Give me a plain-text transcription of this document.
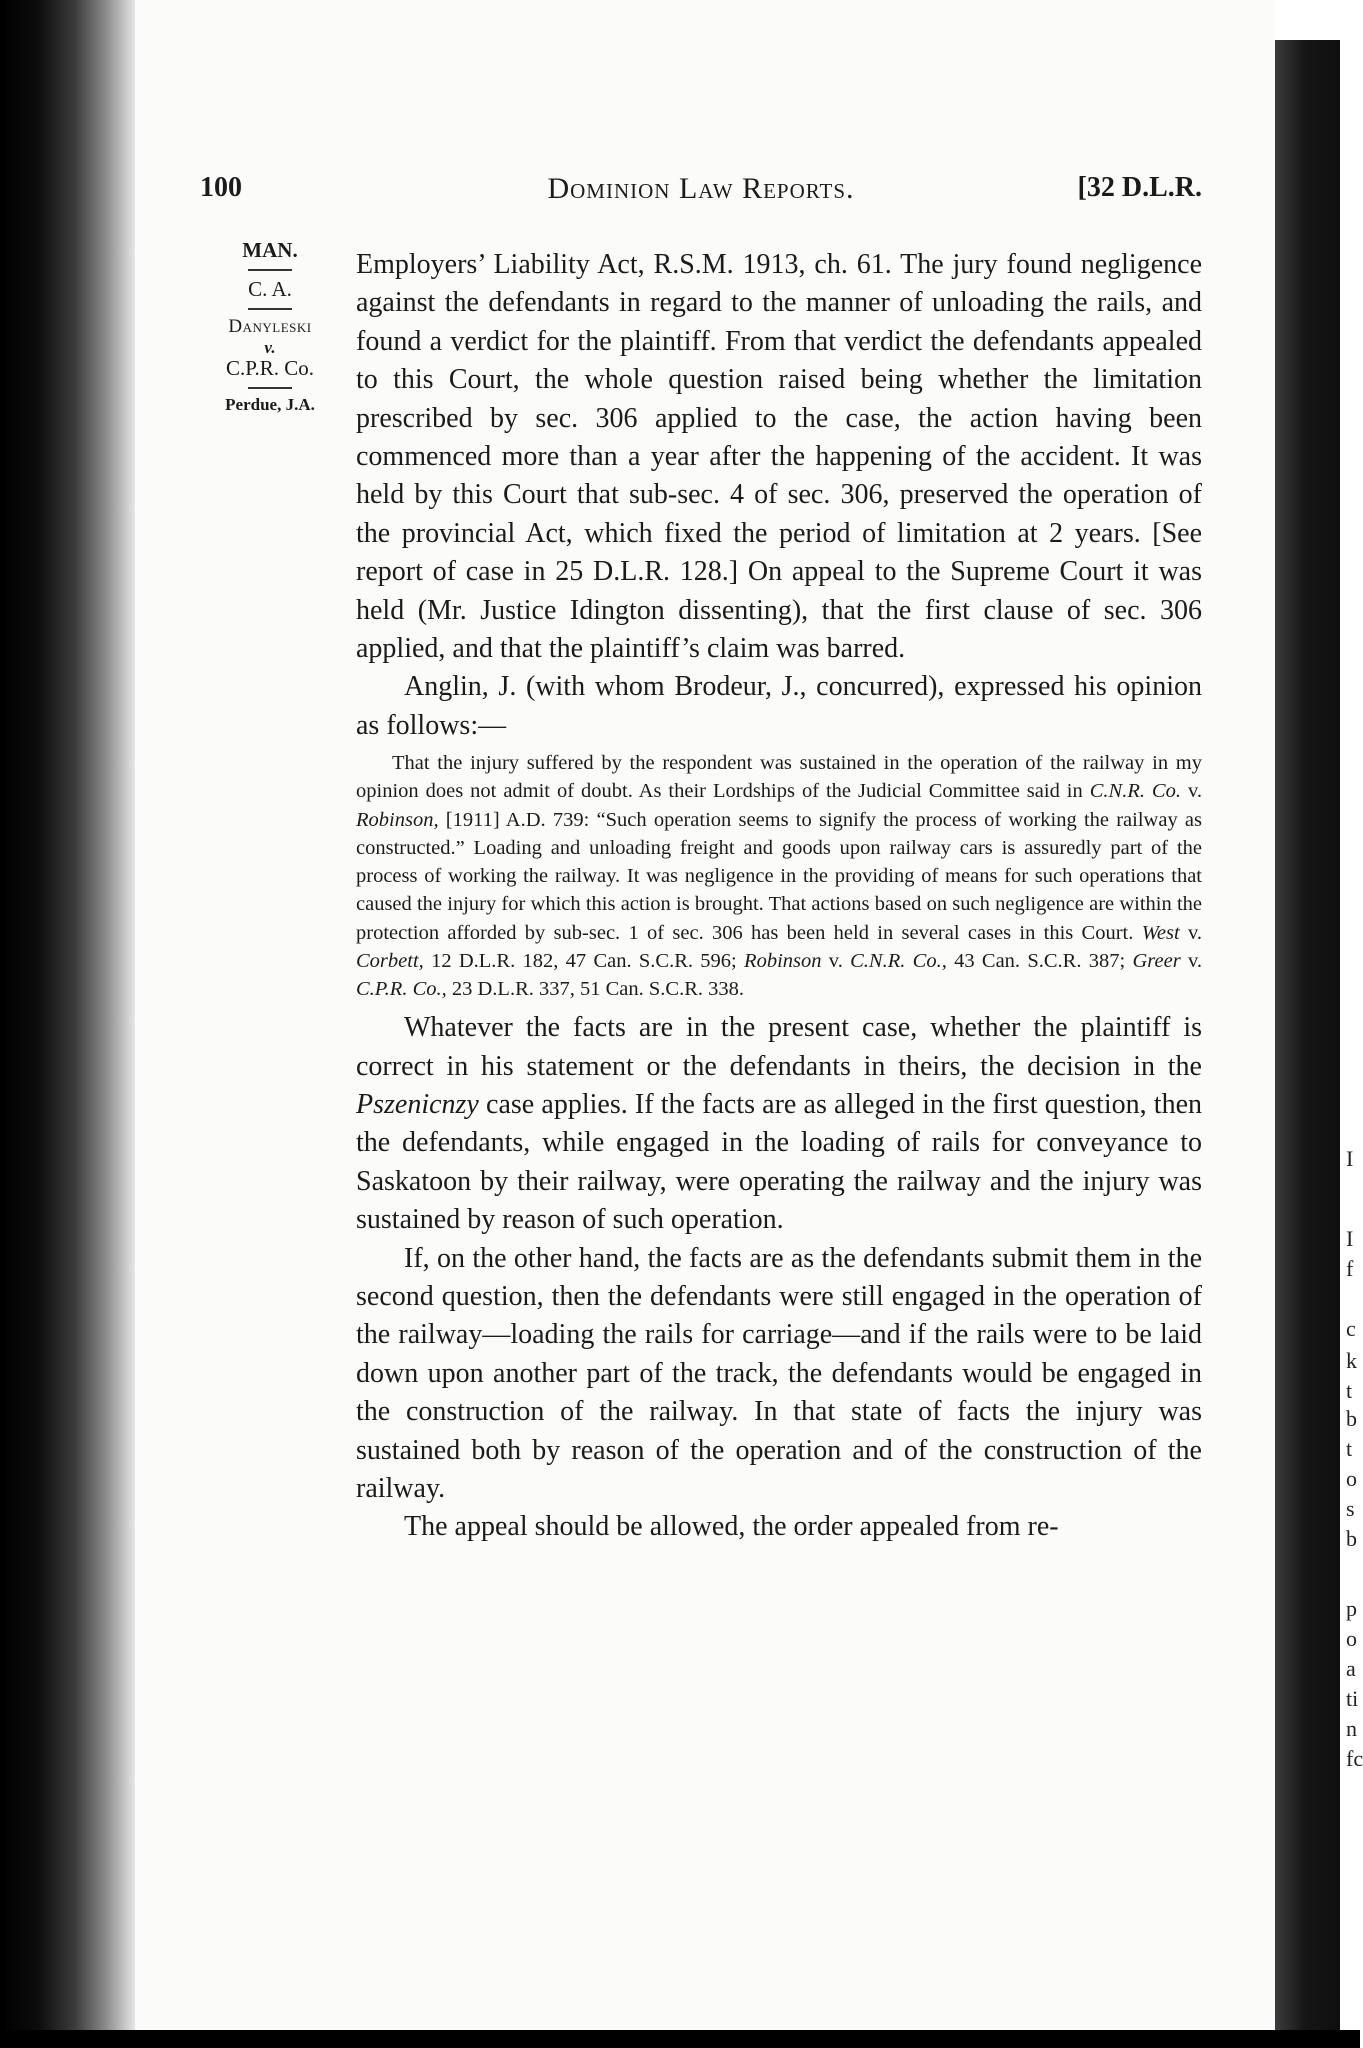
I
I
f
c
k
t
b
t
o
s
b
p
o
a
ti
n
fc
100	Dominion Law Reports.	[32 D.L.R.
MAN.
C. A.
Danyleski
v.
C.P.R. Co.
Perdue, J.A.

Employers’ Liability Act, R.S.M. 1913, ch. 61. The jury found negligence against the defendants in regard to the manner of unloading the rails, and found a verdict for the plaintiff. From that verdict the defendants appealed to this Court, the whole question raised being whether the limitation prescribed by sec. 306 applied to the case, the action having been commenced more than a year after the happening of the accident. It was held by this Court that sub-sec. 4 of sec. 306, preserved the operation of the provincial Act, which fixed the period of limitation at 2 years. [See report of case in 25 D.L.R. 128.] On appeal to the Supreme Court it was held (Mr. Justice Idington dissenting), that the first clause of sec. 306 applied, and that the plaintiff’s claim was barred.

Anglin, J. (with whom Brodeur, J., concurred), expressed his opinion as follows:—

That the injury suffered by the respondent was sustained in the operation of the railway in my opinion does not admit of doubt. As their Lordships of the Judicial Committee said in C.N.R. Co. v. Robinson, [1911] A.D. 739: “Such operation seems to signify the process of working the railway as constructed.” Loading and unloading freight and goods upon railway cars is assuredly part of the process of working the railway. It was negligence in the providing of means for such operations that caused the injury for which this action is brought. That actions based on such negligence are within the protection afforded by sub-sec. 1 of sec. 306 has been held in several cases in this Court. West v. Corbett, 12 D.L.R. 182, 47 Can. S.C.R. 596; Robinson v. C.N.R. Co., 43 Can. S.C.R. 387; Greer v. C.P.R. Co., 23 D.L.R. 337, 51 Can. S.C.R. 338.

Whatever the facts are in the present case, whether the plaintiff is correct in his statement or the defendants in theirs, the decision in the Pszenicnzy case applies. If the facts are as alleged in the first question, then the defendants, while engaged in the loading of rails for conveyance to Saskatoon by their railway, were operating the railway and the injury was sustained by reason of such operation.

If, on the other hand, the facts are as the defendants submit them in the second question, then the defendants were still engaged in the operation of the railway—loading the rails for carriage—and if the rails were to be laid down upon another part of the track, the defendants would be engaged in the construction of the railway. In that state of facts the injury was sustained both by reason of the operation and of the construction of the railway.

The appeal should be allowed, the order appealed from re-
